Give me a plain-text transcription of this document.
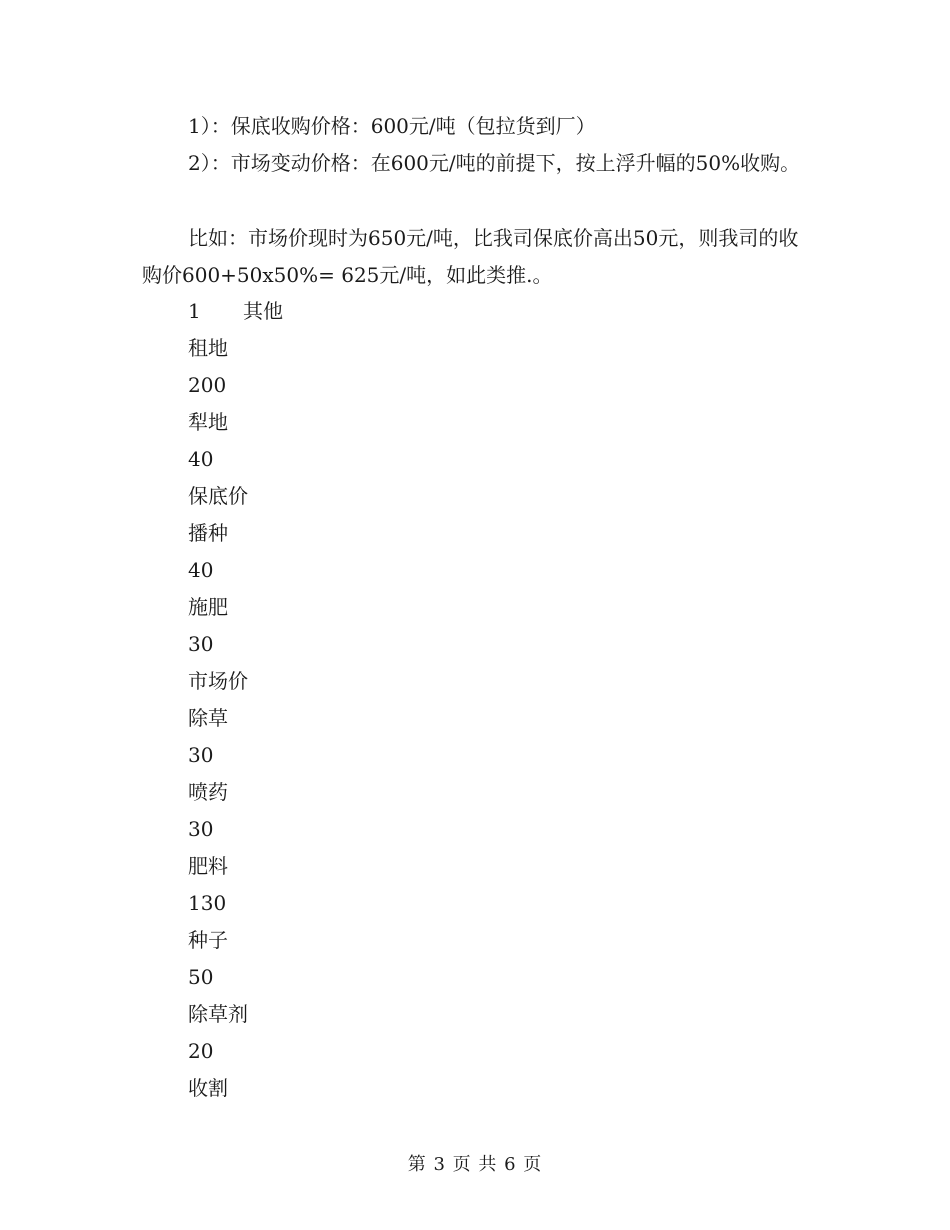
1）：保底收购价格：600元/吨（包拉货到厂）

2）：市场变动价格：在600元/吨的前提下，按上浮升幅的50%收购。

比如：市场价现时为650元/吨，比我司保底价高出50元，则我司的收购价600+50x50%= 625元/吨，如此类推.。

1 其他
租地
200
犁地
40
保底价
播种
40
施肥
30
市场价
除草
30
喷药
30
肥料
130
种子
50
除草剂
20
收割
第 3 页 共 6 页
